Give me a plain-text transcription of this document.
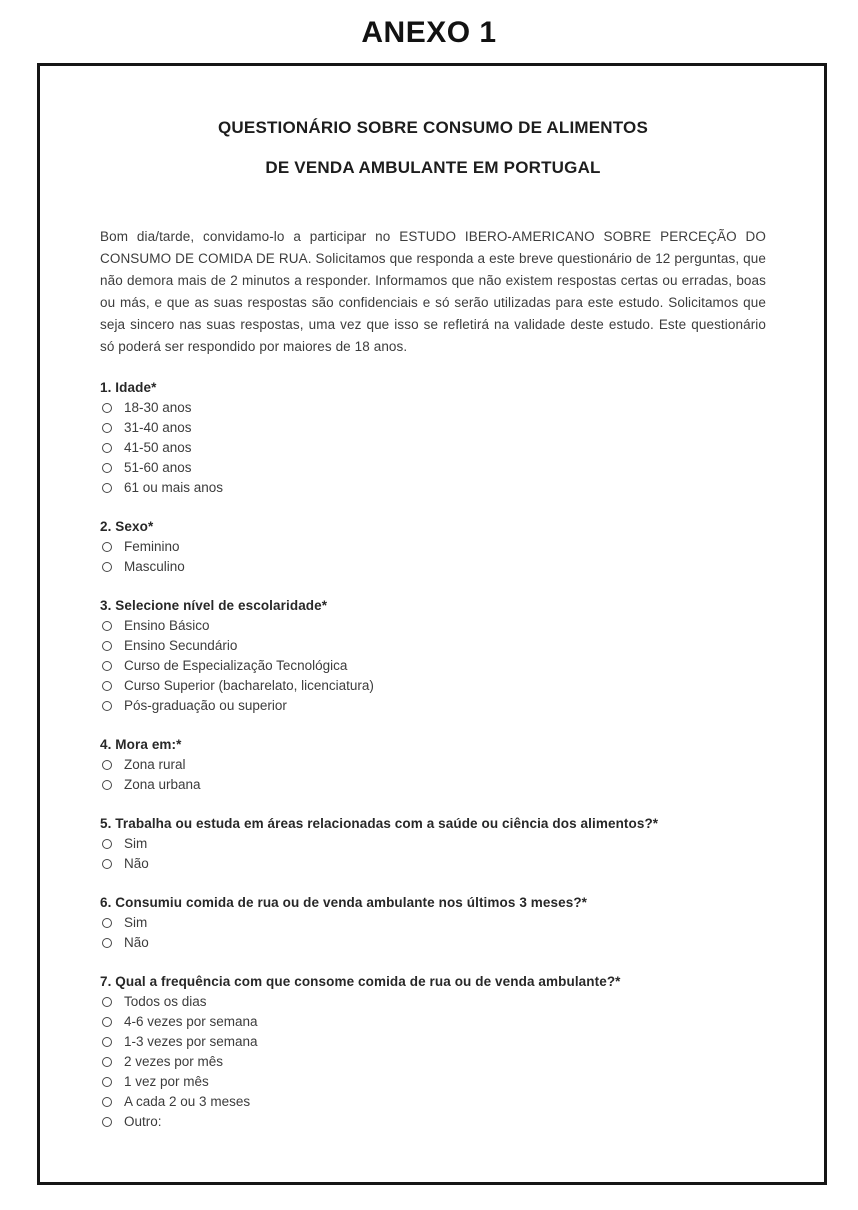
ANEXO 1
QUESTIONÁRIO SOBRE CONSUMO DE ALIMENTOS
DE VENDA AMBULANTE EM PORTUGAL

Bom dia/tarde, convidamo-lo a participar no ESTUDO IBERO-AMERICANO SOBRE PERCEÇÃO DO CONSUMO DE COMIDA DE RUA. Solicitamos que responda a este breve questionário de 12 perguntas, que não demora mais de 2 minutos a responder. Informamos que não existem respostas certas ou erradas, boas ou más, e que as suas respostas são confidenciais e só serão utilizadas para este estudo. Solicitamos que seja sincero nas suas respostas, uma vez que isso se refletirá na validade deste estudo. Este questionário só poderá ser respondido por maiores de 18 anos.

1. Idade*
18-30 anos
31-40 anos
41-50 anos
51-60 anos
61 ou mais anos
2. Sexo*
Feminino
Masculino
3. Selecione nível de escolaridade*
Ensino Básico
Ensino Secundário
Curso de Especialização Tecnológica
Curso Superior (bacharelato, licenciatura)
Pós-graduação ou superior
4. Mora em:*
Zona rural
Zona urbana
5. Trabalha ou estuda em áreas relacionadas com a saúde ou ciência dos alimentos?*
Sim
Não
6. Consumiu comida de rua ou de venda ambulante nos últimos 3 meses?*
Sim
Não
7. Qual a frequência com que consome comida de rua ou de venda ambulante?*
Todos os dias
4-6 vezes por semana
1-3 vezes por semana
2 vezes por mês
1 vez por mês
A cada 2 ou 3 meses
Outro:
